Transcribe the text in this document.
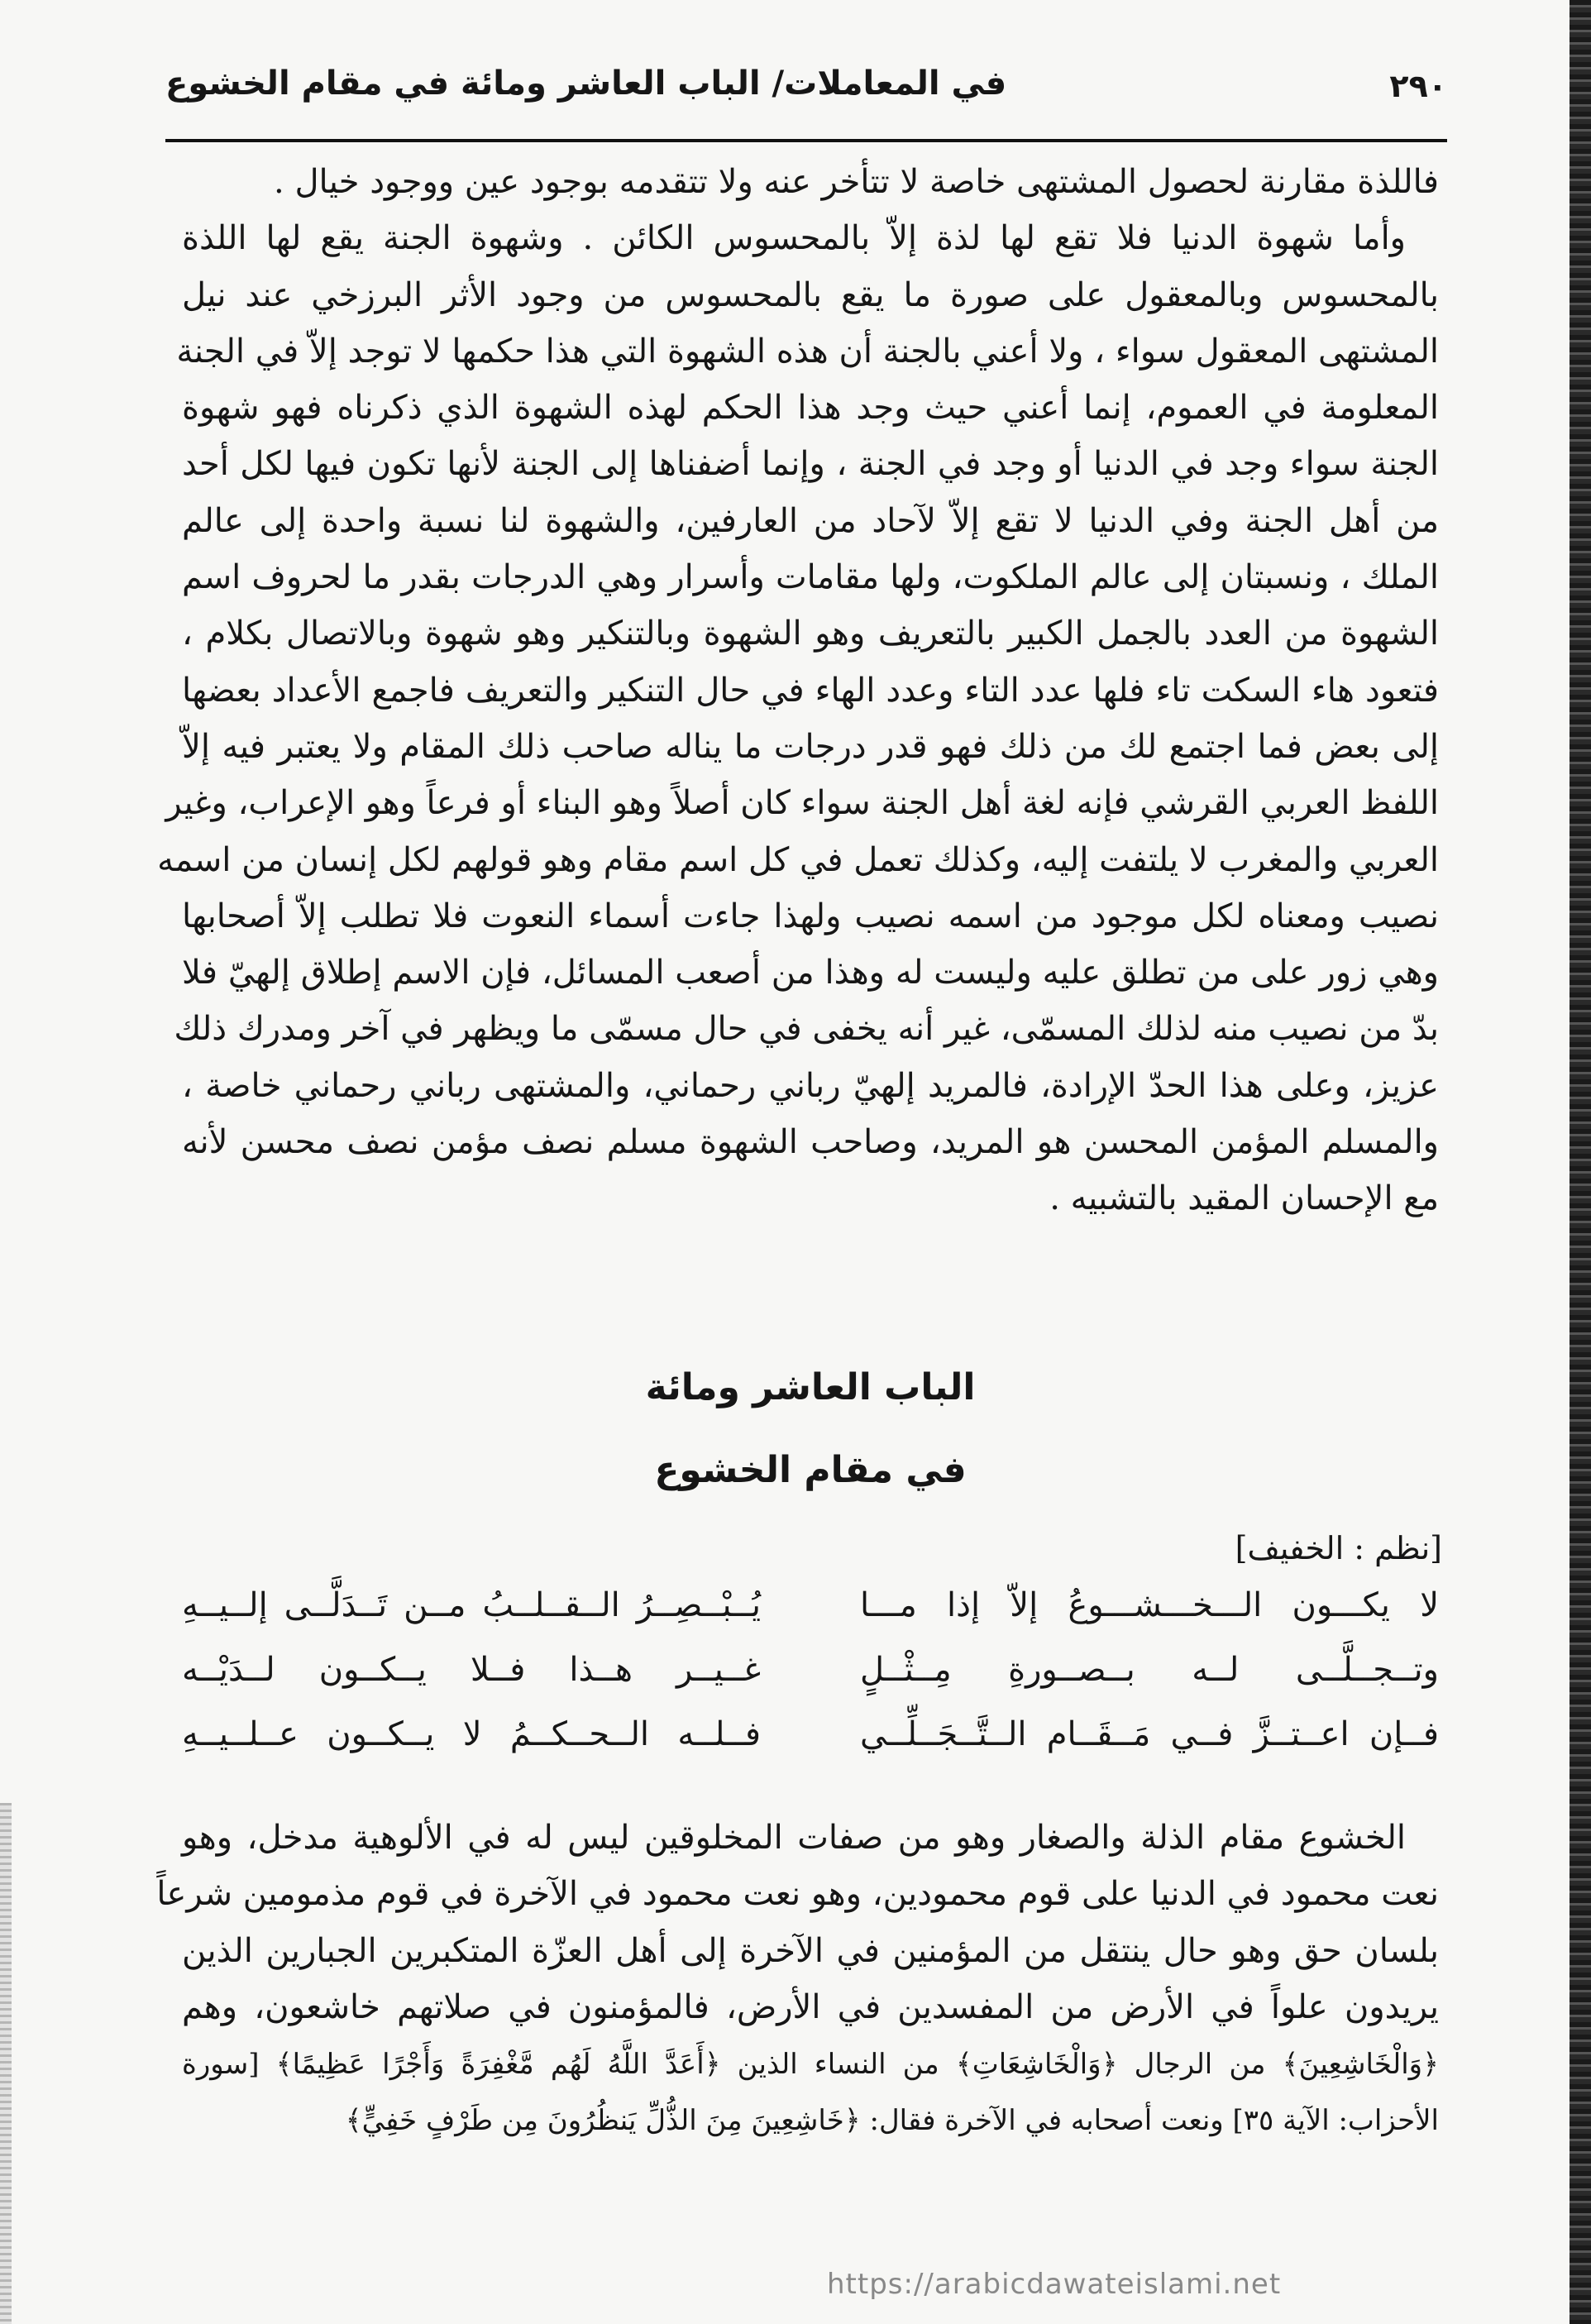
٢٩٠
في المعاملات/ الباب العاشر ومائة في مقام الخشوع
فاللذة مقارنة لحصول المشتهى خاصة لا تتأخر عنه ولا تتقدمه بوجود عين ووجود خيال .
وأما شهوة الدنيا فلا تقع لها لذة إلاّ بالمحسوس الكائن . وشهوة الجنة يقع لها اللذة
بالمحسوس وبالمعقول على صورة ما يقع بالمحسوس من وجود الأثر البرزخي عند نيل
المشتهى المعقول سواء ، ولا أعني بالجنة أن هذه الشهوة التي هذا حكمها لا توجد إلاّ في الجنة
المعلومة في العموم، إنما أعني حيث وجد هذا الحكم لهذه الشهوة الذي ذكرناه فهو شهوة
الجنة سواء وجد في الدنيا أو وجد في الجنة ، وإنما أضفناها إلى الجنة لأنها تكون فيها لكل أحد
من أهل الجنة وفي الدنيا لا تقع إلاّ لآحاد من العارفين، والشهوة لنا نسبة واحدة إلى عالم
الملك ، ونسبتان إلى عالم الملكوت، ولها مقامات وأسرار وهي الدرجات بقدر ما لحروف اسم
الشهوة من العدد بالجمل الكبير بالتعريف وهو الشهوة وبالتنكير وهو شهوة وبالاتصال بكلام ،
فتعود هاء السكت تاء فلها عدد التاء وعدد الهاء في حال التنكير والتعريف فاجمع الأعداد بعضها
إلى بعض فما اجتمع لك من ذلك فهو قدر درجات ما يناله صاحب ذلك المقام ولا يعتبر فيه إلاّ
اللفظ العربي القرشي فإنه لغة أهل الجنة سواء كان أصلاً وهو البناء أو فرعاً وهو الإعراب، وغير
العربي والمغرب لا يلتفت إليه، وكذلك تعمل في كل اسم مقام وهو قولهم لكل إنسان من اسمه
نصيب ومعناه لكل موجود من اسمه نصيب ولهذا جاءت أسماء النعوت فلا تطلب إلاّ أصحابها
وهي زور على من تطلق عليه وليست له وهذا من أصعب المسائل، فإن الاسم إطلاق إلهيّ فلا
بدّ من نصيب منه لذلك المسمّى، غير أنه يخفى في حال مسمّى ما ويظهر في آخر ومدرك ذلك
عزيز، وعلى هذا الحدّ الإرادة، فالمريد إلهيّ رباني رحماني، والمشتهى رباني رحماني خاصة ،
والمسلم المؤمن المحسن هو المريد، وصاحب الشهوة مسلم نصف مؤمن نصف محسن لأنه
مع الإحسان المقيد بالتشبيه .
الباب العاشر ومائة
في مقام الخشوع
[نظم : الخفيف]
لا يكـــون الـــخـــشـــوعُ إلاّ إذا مـــا
يُــبْــصِــرُ الــقــلــبُ مــن تَــدَلَّــى إلــيــهِ
وتــجــلَّــى لــه بــصــورةِ مِــثْــلٍ
غــيــر هــذا فــلا يــكــون لــدَيْــه
فــإن اعــتــزَّ فــي مَــقَــام الــتَّــجَــلِّــي
فــلــه الــحــكــمُ لا يــكــون عــلــيــهِ
الخشوع مقام الذلة والصغار وهو من صفات المخلوقين ليس له في الألوهية مدخل، وهو
نعت محمود في الدنيا على قوم محمودين، وهو نعت محمود في الآخرة في قوم مذمومين شرعاً
بلسان حق وهو حال ينتقل من المؤمنين في الآخرة إلى أهل العزّة المتكبرين الجبارين الذين
يريدون علواً في الأرض من المفسدين في الأرض، فالمؤمنون في صلاتهم خاشعون، وهم
﴿وَالْخَاشِعِينَ﴾ من الرجال ﴿وَالْخَاشِعَاتِ﴾ من النساء الذين ﴿أَعَدَّ اللَّهُ لَهُم مَّغْفِرَةً وَأَجْرًا عَظِيمًا﴾ [سورة
الأحزاب: الآية ٣٥] ونعت أصحابه في الآخرة فقال: ﴿خَاشِعِينَ مِنَ الذُّلِّ يَنظُرُونَ مِن طَرْفٍ خَفِيٍّ﴾
https://arabicdawateislami.net
